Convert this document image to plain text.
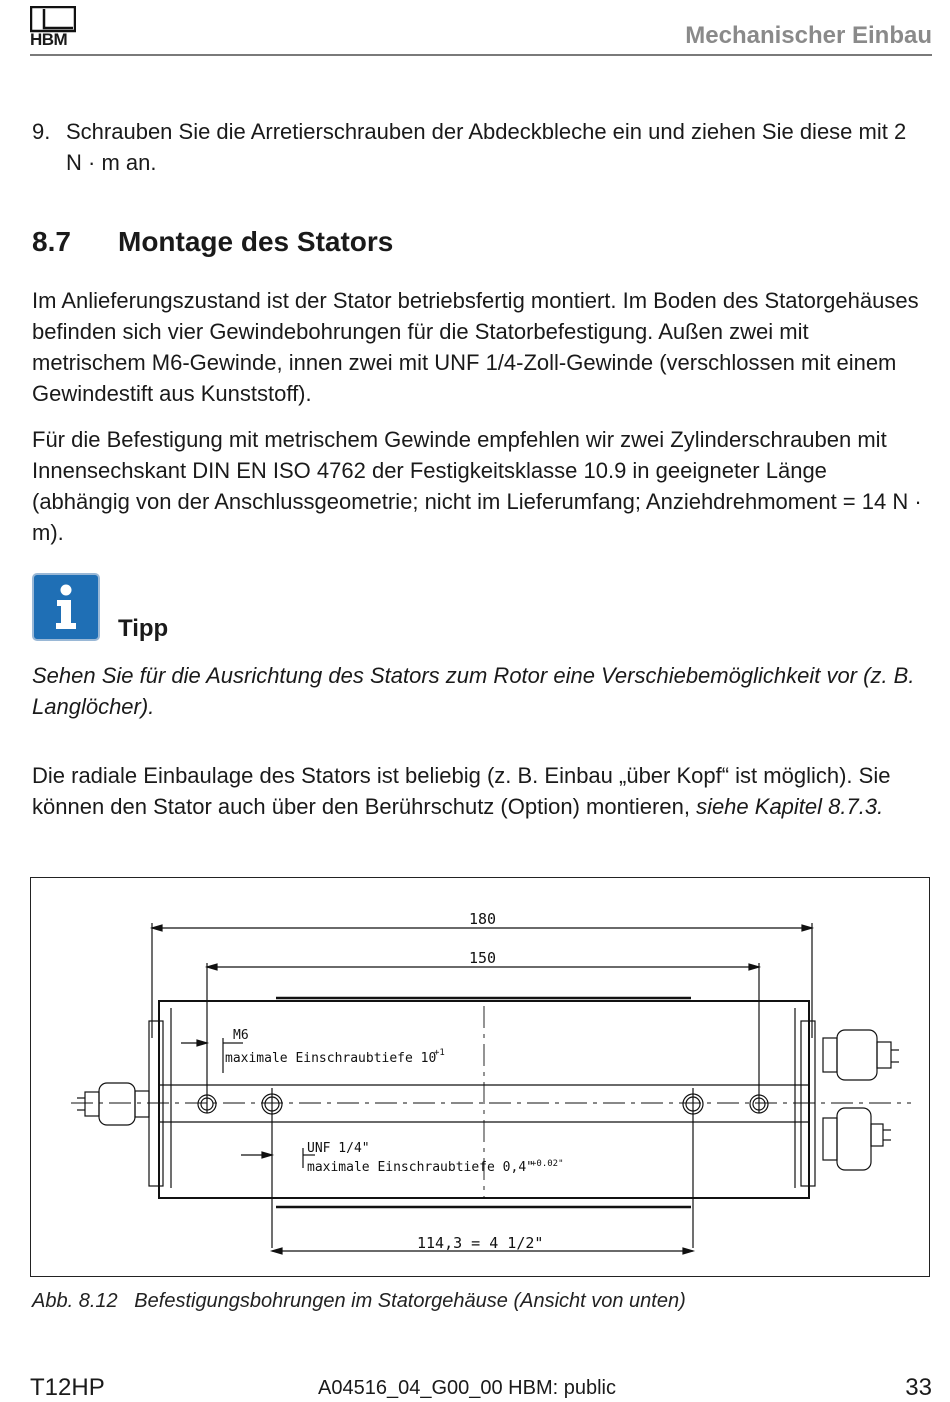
HBM	Mechanischer Einbau
9. Schrauben Sie die Arretierschrauben der Abdeckbleche ein und ziehen Sie diese mit 2 N · m an.
8.7 Montage des Stators
Im Anlieferungszustand ist der Stator betriebsfertig montiert. Im Boden des Statorgehäuses befinden sich vier Gewindebohrungen für die Statorbefestigung. Außen zwei mit metrischem M6-Gewinde, innen zwei mit UNF 1/4-Zoll-Gewinde (verschlossen mit einem Gewindestift aus Kunststoff).
Für die Befestigung mit metrischem Gewinde empfehlen wir zwei Zylinderschrauben mit Innensechskant DIN EN ISO 4762 der Festigkeitsklasse 10.9 in geeigneter Länge (abhängig von der Anschlussgeometrie; nicht im Lieferumfang; Anziehdrehmoment = 14 N · m).
Tipp
Sehen Sie für die Ausrichtung des Stators zum Rotor eine Verschiebemöglichkeit vor (z. B. Langlöcher).
Die radiale Einbaulage des Stators ist beliebig (z. B. Einbau „über Kopf“ ist möglich). Sie können den Stator auch über den Berührschutz (Option) montieren, siehe Kapitel 8.7.3.
180
150
M6
maximale Einschraubtiefe 10
+1
UNF 1/4"
maximale Einschraubtiefe 0,4"
+0.02"
114,3 = 4 1/2"
Abb. 8.12   Befestigungsbohrungen im Statorgehäuse (Ansicht von unten)
T12HP	A04516_04_G00_00 HBM: public	33
